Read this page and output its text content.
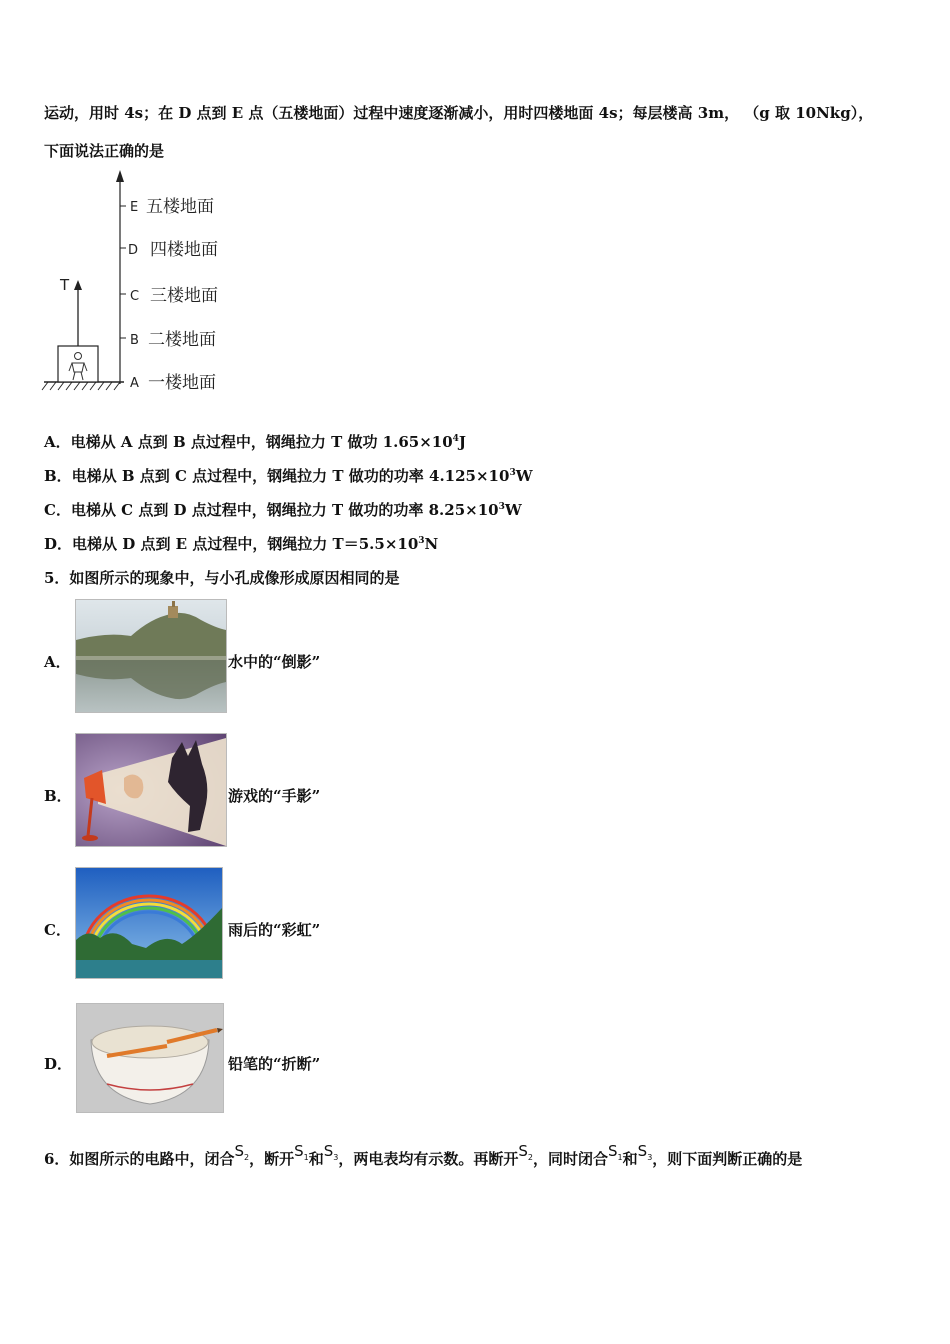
运动，用时 4s；在 D 点到 E 点（五楼地面）过程中速度逐渐减小，用时四楼地面 4s；每层楼高 3m， （g 取 10Nkg），
下面说法正确的是
T
E
D
C
B
A
五楼地面
四楼地面
三楼地面
二楼地面
一楼地面
A．电梯从 A 点到 B 点过程中，钢绳拉力 T 做功 $1.65\times 10^4J$
B．电梯从 B 点到 C 点过程中，钢绳拉力 T 做功的功率 $4.125\times 10^3W$
C．电梯从 C 点到 D 点过程中，钢绳拉力 T 做功的功率 $8.25\times 10^3W$
D．电梯从 D 点到 E 点过程中，钢绳拉力 $T=5.5\times 10^3N$
5．如图所示的现象中，与小孔成像形成原因相同的是
A．	水中的“倒影”
B．	游戏的“手影”
C．	雨后的“彩虹”
D．	铅笔的“折断”
6．如图所示的电路中，闭合$S_2$，断开$S_1$和$S_3$，两电表均有示数。再断开$S_2$，同时闭合$S_1$和$S_3$，则下面判断正确的是
